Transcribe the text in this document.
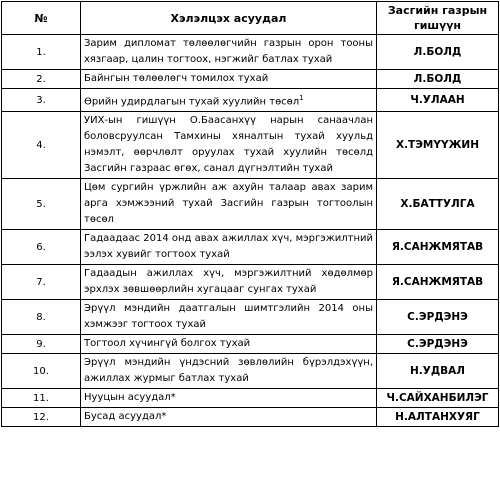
№	Хэлэлцэх асуудал	Засгийн газрын
гишүүн
1.	Зарим дипломат төлөөлөгчийн газрын орон тооны хязгаар, цалин тогтоох, нэгжийг батлах тухай	Л.БОЛД
2.	Байнгын төлөөлөгч томилох тухай	Л.БОЛД
3.	Өрийн удирдлагын тухай хуулийн төсөл$^1$	Ч.УЛААН
4.	УИХ-ын гишүүн О.Баасанхүү нарын санаачлан боловсруулсан Тамхины хяналтын тухай хуульд нэмэлт, өөрчлөлт оруулах тухай хуулийн төсөлд Засгийн газраас өгөх, санал дүгнэлтийн тухай	Х.ТЭМҮҮЖИН
5.	Цөм сургийн үржлийн аж ахуйн талаар авах зарим арга хэмжээний тухай Засгийн газрын тогтоолын төсөл	Х.БАТТУЛГА
6.	Гадаадаас 2014 онд авах ажиллах хүч, мэргэжилтний ээлэх хувийг тогтоох тухай	Я.САНЖМЯТАВ
7.	Гадаадын ажиллах хүч, мэргэжилтний хөдөлмөр эрхлэх зөвшөөрлийн хугацааг сунгах тухай	Я.САНЖМЯТАВ
8.	Эрүүл мэндийн даатгалын шимтгэлийн 2014 оны хэмжээг тогтоох тухай	С.ЭРДЭНЭ
9.	Тогтоол хүчингүй болгох тухай	С.ЭРДЭНЭ
10.	Эрүүл мэндийн үндэсний зөвлөлийн бүрэлдэхүүн, ажиллах журмыг батлах тухай	Н.УДВАЛ
11.	Нууцын асуудал*	Ч.САЙХАНБИЛЭГ
12.	Бусад асуудал*	Н.АЛТАНХУЯГ
